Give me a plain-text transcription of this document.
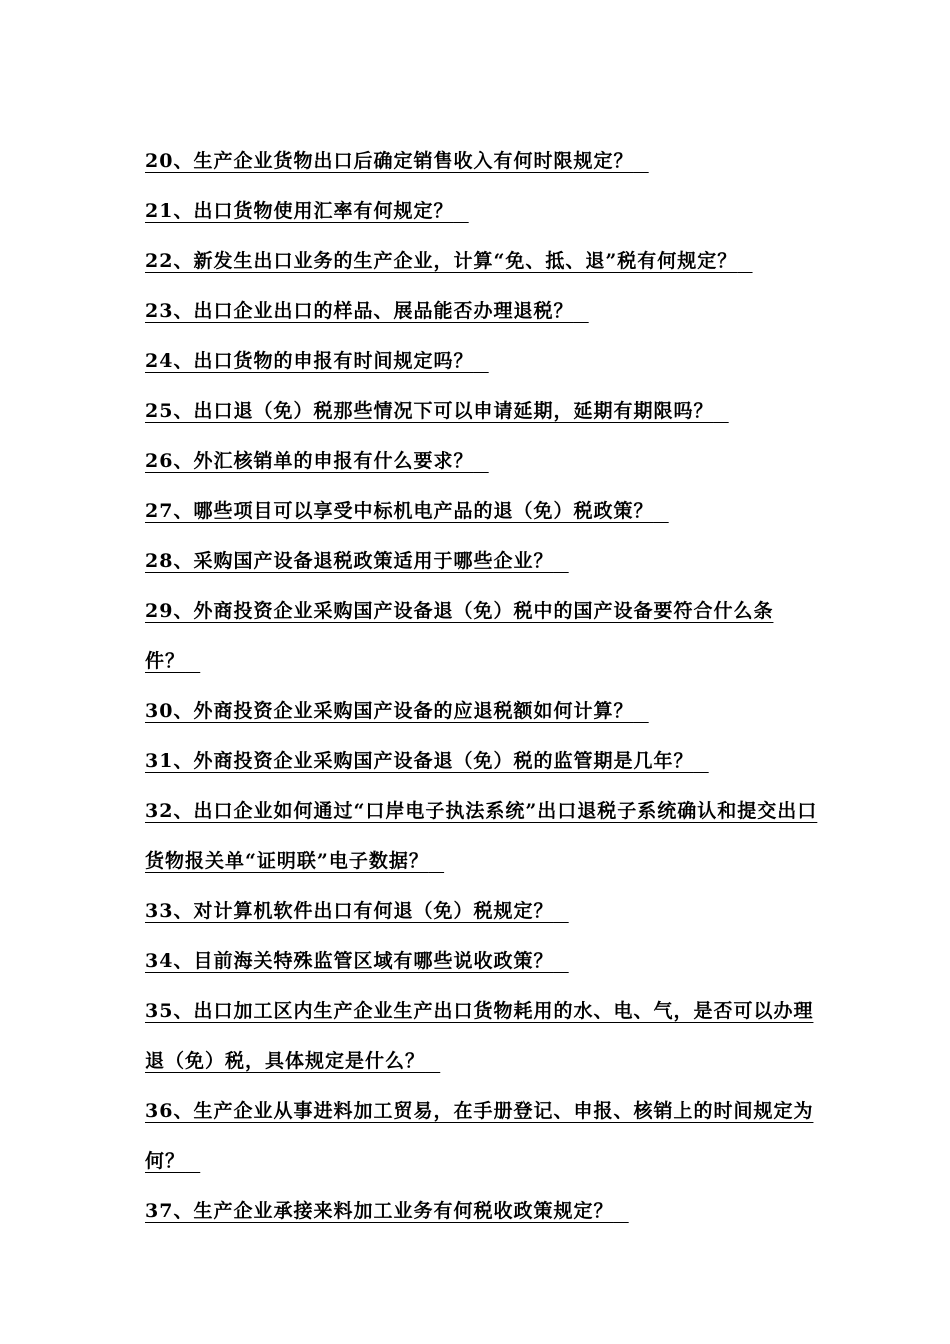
20、生产企业货物出口后确定销售收入有何时限规定？
21、出口货物使用汇率有何规定？
22、新发生出口业务的生产企业，计算“免、抵、退”税有何规定？
23、出口企业出口的样品、展品能否办理退税？
24、出口货物的申报有时间规定吗？
25、出口退（免）税那些情况下可以申请延期，延期有期限吗？
26、外汇核销单的申报有什么要求？
27、哪些项目可以享受中标机电产品的退（免）税政策？
28、采购国产设备退税政策适用于哪些企业？
29、外商投资企业采购国产设备退（免）税中的国产设备要符合什么条件？
30、外商投资企业采购国产设备的应退税额如何计算？
31、外商投资企业采购国产设备退（免）税的监管期是几年？
32、出口企业如何通过“口岸电子执法系统”出口退税子系统确认和提交出口货物报关单“证明联”电子数据？
33、对计算机软件出口有何退（免）税规定？
34、目前海关特殊监管区域有哪些说收政策？
35、出口加工区内生产企业生产出口货物耗用的水、电、气，是否可以办理退（免）税，具体规定是什么？
36、生产企业从事进料加工贸易，在手册登记、申报、核销上的时间规定为何？
37、生产企业承接来料加工业务有何税收政策规定？
